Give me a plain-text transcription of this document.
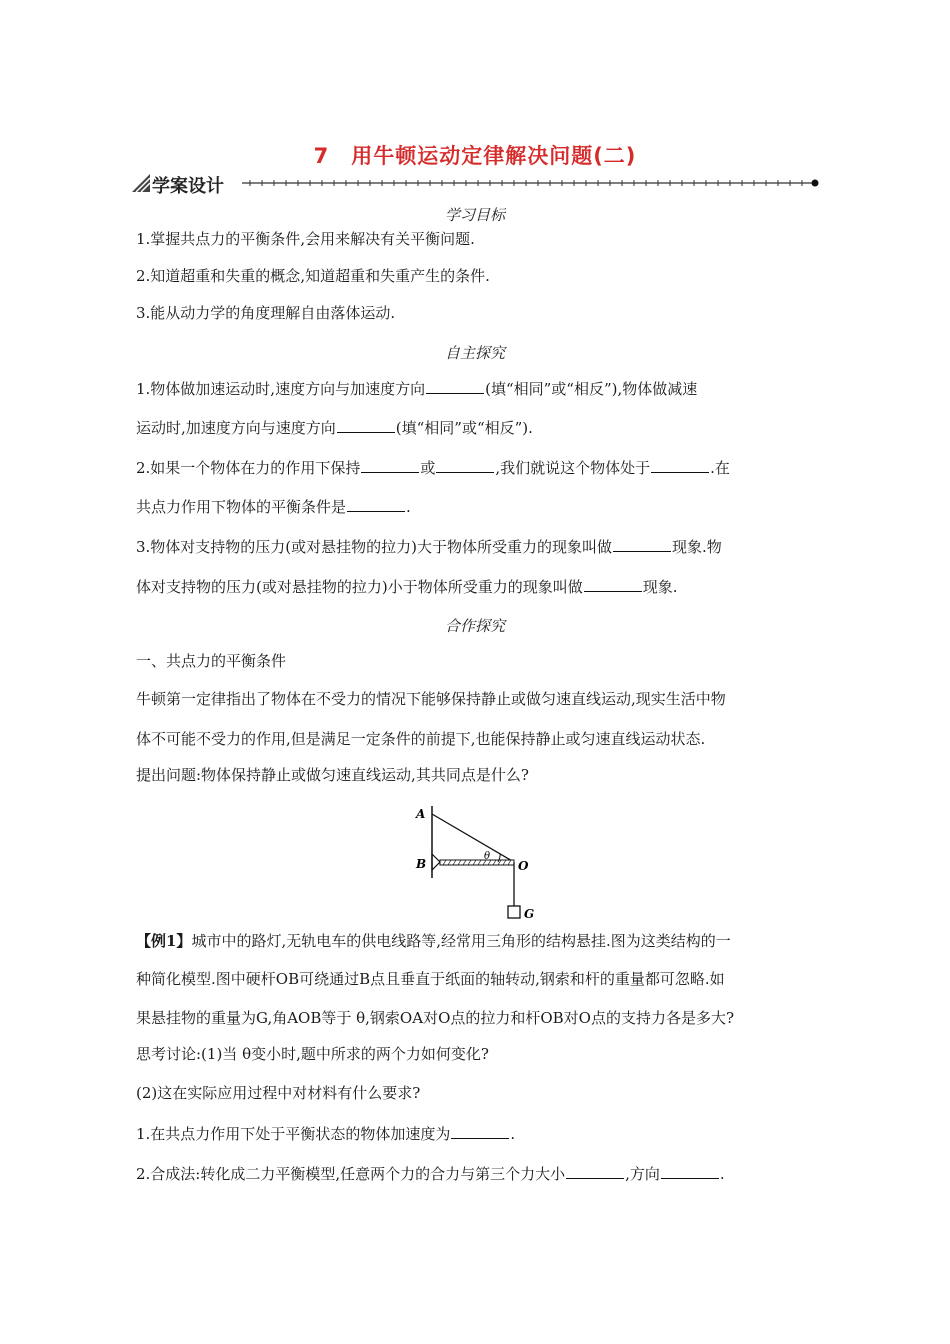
7　用牛顿运动定律解决问题(二)
学案设计
学习目标
1.掌握共点力的平衡条件,会用来解决有关平衡问题.
2.知道超重和失重的概念,知道超重和失重产生的条件.
3.能从动力学的角度理解自由落体运动.
自主探究
1.物体做加速运动时,速度方向与加速度方向	(填“相同”或“相反”),物体做减速
运动时,加速度方向与速度方向	(填“相同”或“相反”).
2.如果一个物体在力的作用下保持	或	,我们就说这个物体处于	.在
共点力作用下物体的平衡条件是	.
3.物体对支持物的压力(或对悬挂物的拉力)大于物体所受重力的现象叫做	现象.物
体对支持物的压力(或对悬挂物的拉力)小于物体所受重力的现象叫做	现象.
合作探究
一、共点力的平衡条件
牛顿第一定律指出了物体在不受力的情况下能够保持静止或做匀速直线运动,现实生活中物
体不可能不受力的作用,但是满足一定条件的前提下,也能保持静止或匀速直线运动状态.
提出问题:物体保持静止或做匀速直线运动,其共同点是什么?
A
B	O
G
θ
【例1】城市中的路灯,无轨电车的供电线路等,经常用三角形的结构悬挂.图为这类结构的一
种简化模型.图中硬杆OB可绕通过B点且垂直于纸面的轴转动,钢索和杆的重量都可忽略.如
果悬挂物的重量为G,角AOB等于 θ,钢索OA对O点的拉力和杆OB对O点的支持力各是多大?
思考讨论:(1)当 θ变小时,题中所求的两个力如何变化?
(2)这在实际应用过程中对材料有什么要求?
1.在共点力作用下处于平衡状态的物体加速度为	.
2.合成法:转化成二力平衡模型,任意两个力的合力与第三个力大小	,方向	.
